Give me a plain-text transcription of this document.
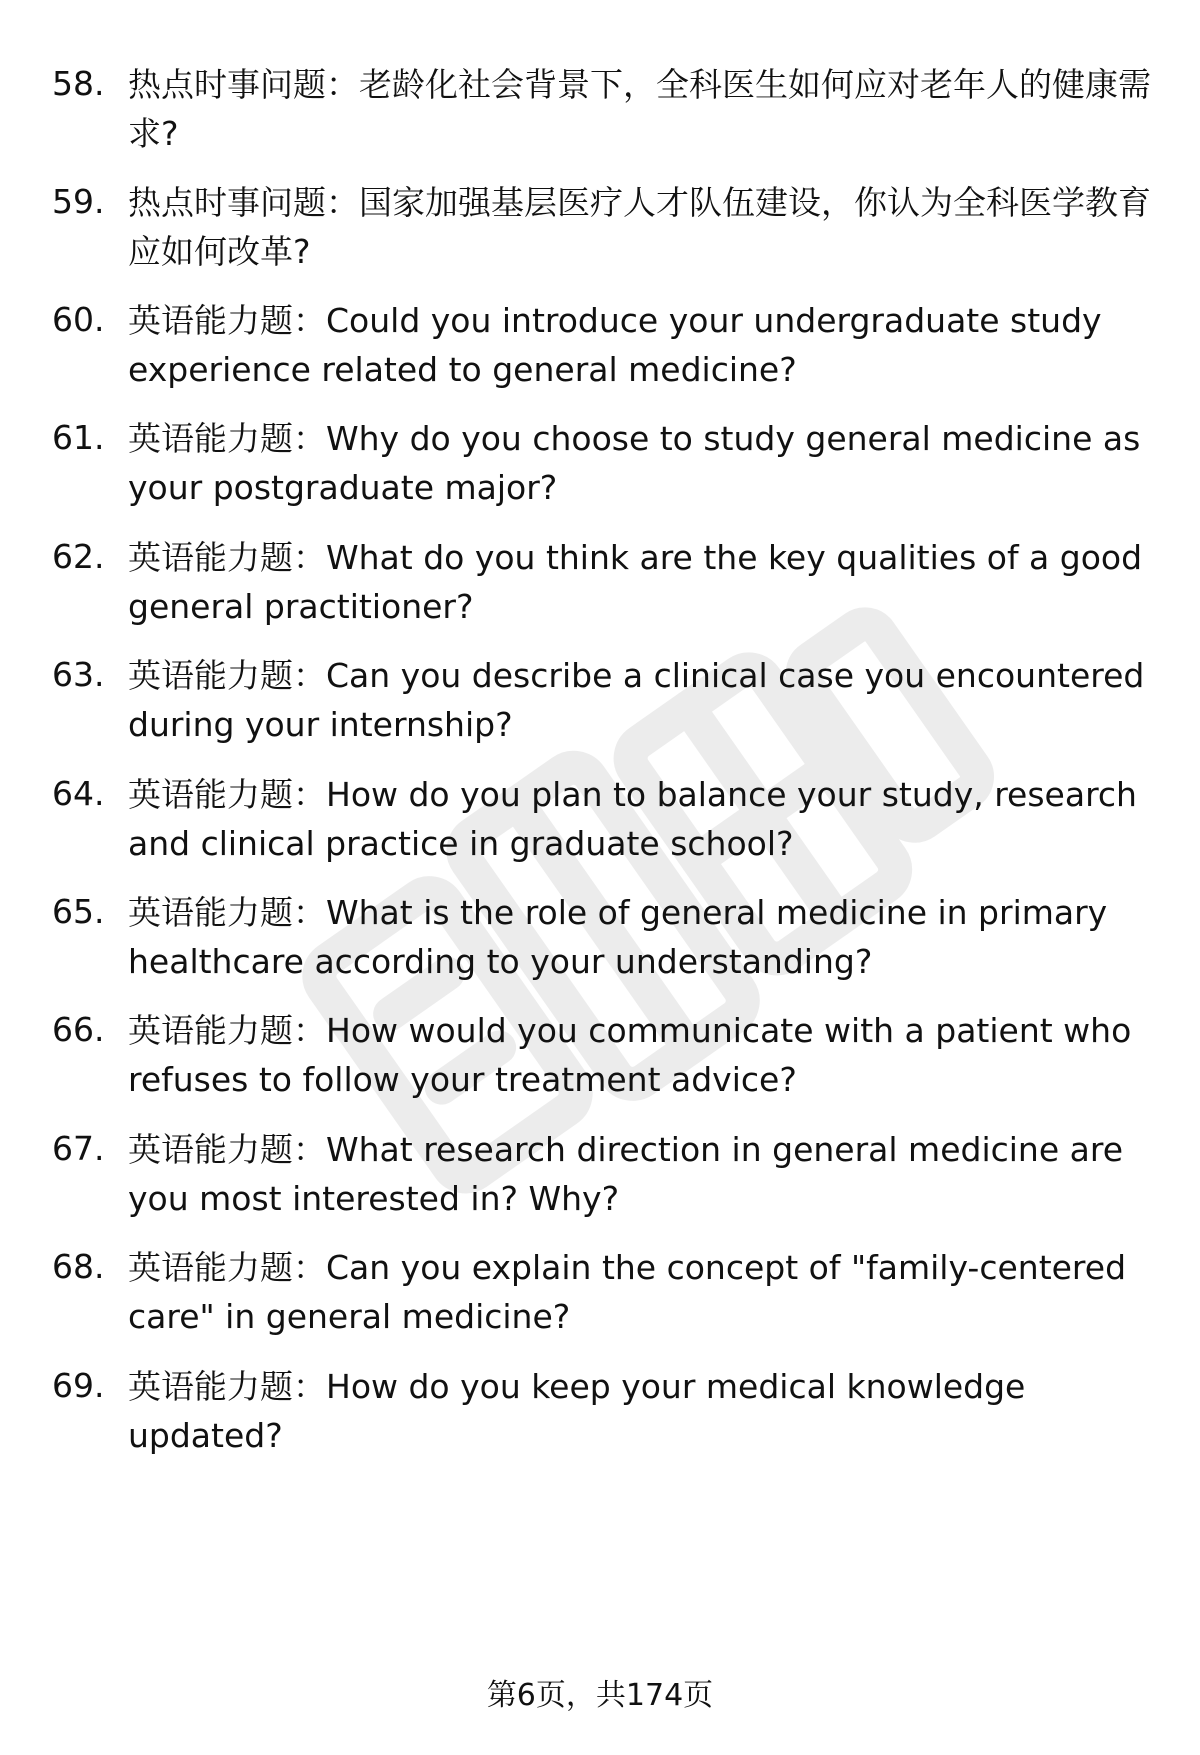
58. 热点时事问题：老龄化社会背景下，全科医生如何应对老年人的健康需求?
59. 热点时事问题：国家加强基层医疗人才队伍建设，你认为全科医学教育应如何改革?
60. 英语能力题：Could you introduce your undergraduate study experience related to general medicine?
61. 英语能力题：Why do you choose to study general medicine as your postgraduate major?
62. 英语能力题：What do you think are the key qualities of a good general practitioner?
63. 英语能力题：Can you describe a clinical case you encountered during your internship?
64. 英语能力题：How do you plan to balance your study, research and clinical practice in graduate school?
65. 英语能力题：What is the role of general medicine in primary healthcare according to your understanding?
66. 英语能力题：How would you communicate with a patient who refuses to follow your treatment advice?
67. 英语能力题：What research direction in general medicine are you most interested in? Why?
68. 英语能力题：Can you explain the concept of "family-centered care" in general medicine?
69. 英语能力题：How do you keep your medical knowledge updated?
第6页，共174页
